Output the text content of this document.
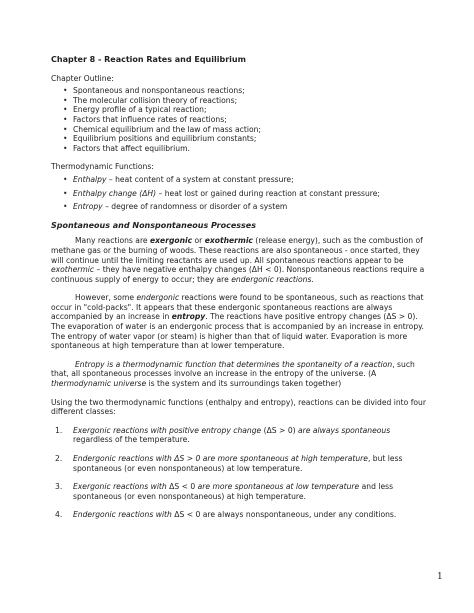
Chapter 8 - Reaction Rates and Equilibrium
Chapter Outline:
• Spontaneous and nonspontaneous reactions;
• The molecular collision theory of reactions;
• Energy profile of a typical reaction;
• Factors that influence rates of reactions;
• Chemical equilibrium and the law of mass action;
• Equilibrium positions and equilibrium constants;
• Factors that affect equilibrium.
Thermodynamic Functions:
• Enthalpy – heat content of a system at constant pressure;
• Enthalpy change (ΔH) – heat lost or gained during reaction at constant pressure;
• Entropy – degree of randomness or disorder of a system
Spontaneous and Nonspontaneous Processes

Many reactions are exergonic or exothermic (release energy), such as the combustion of methane gas or the burning of woods. These reactions are also spontaneous - once started, they will continue until the limiting reactants are used up. All spontaneous reactions appear to be exothermic – they have negative enthalpy changes (ΔH < 0). Nonspontaneous reactions require a continuous supply of energy to occur; they are endergonic reactions.

However, some endergonic reactions were found to be spontaneous, such as reactions that occur in "cold-packs". It appears that these endergonic spontaneous reactions are always accompanied by an increase in entropy. The reactions have positive entropy changes (ΔS > 0). The evaporation of water is an endergonic process that is accompanied by an increase in entropy. The entropy of water vapor (or steam) is higher than that of liquid water. Evaporation is more spontaneous at high temperature than at lower temperature.

Entropy is a thermodynamic function that determines the spontaneity of a reaction, such that, all spontaneous processes involve an increase in the entropy of the universe. (A thermodynamic universe is the system and its surroundings taken together)

Using the two thermodynamic functions (enthalpy and entropy), reactions can be divided into four different classes:

1. Exergonic reactions with positive entropy change (ΔS > 0) are always spontaneous regardless of the temperature.
2. Endergonic reactions with ΔS > 0 are more spontaneous at high temperature, but less spontaneous (or even nonspontaneous) at low temperature.
3. Exergonic reactions with ΔS < 0 are more spontaneous at low temperature and less spontaneous (or even nonspontaneous) at high temperature.
4. Endergonic reactions with ΔS < 0 are always nonspontaneous, under any conditions.
1
